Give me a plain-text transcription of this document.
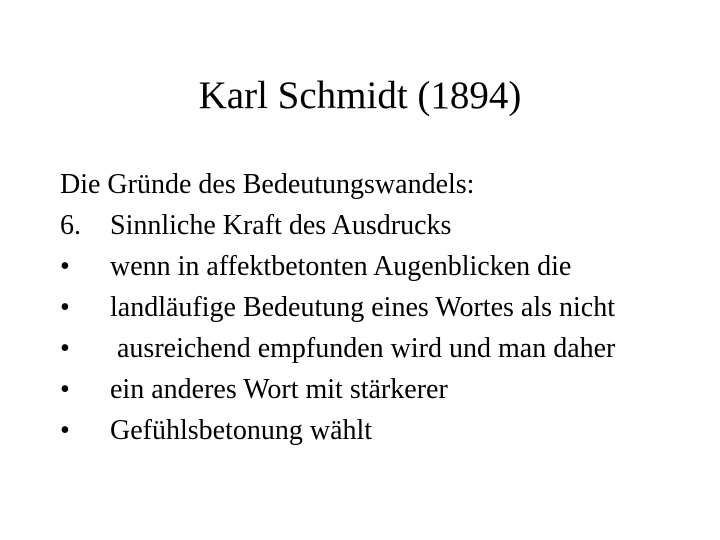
Karl Schmidt (1894)
Die Gründe des Bedeutungswandels:
6.	Sinnliche Kraft des Ausdrucks
•	wenn in affektbetonten Augenblicken die
•	landläufige Bedeutung eines Wortes als nicht
•	ausreichend empfunden wird und man daher
•	ein anderes Wort mit stärkerer
•	Gefühlsbetonung wählt
